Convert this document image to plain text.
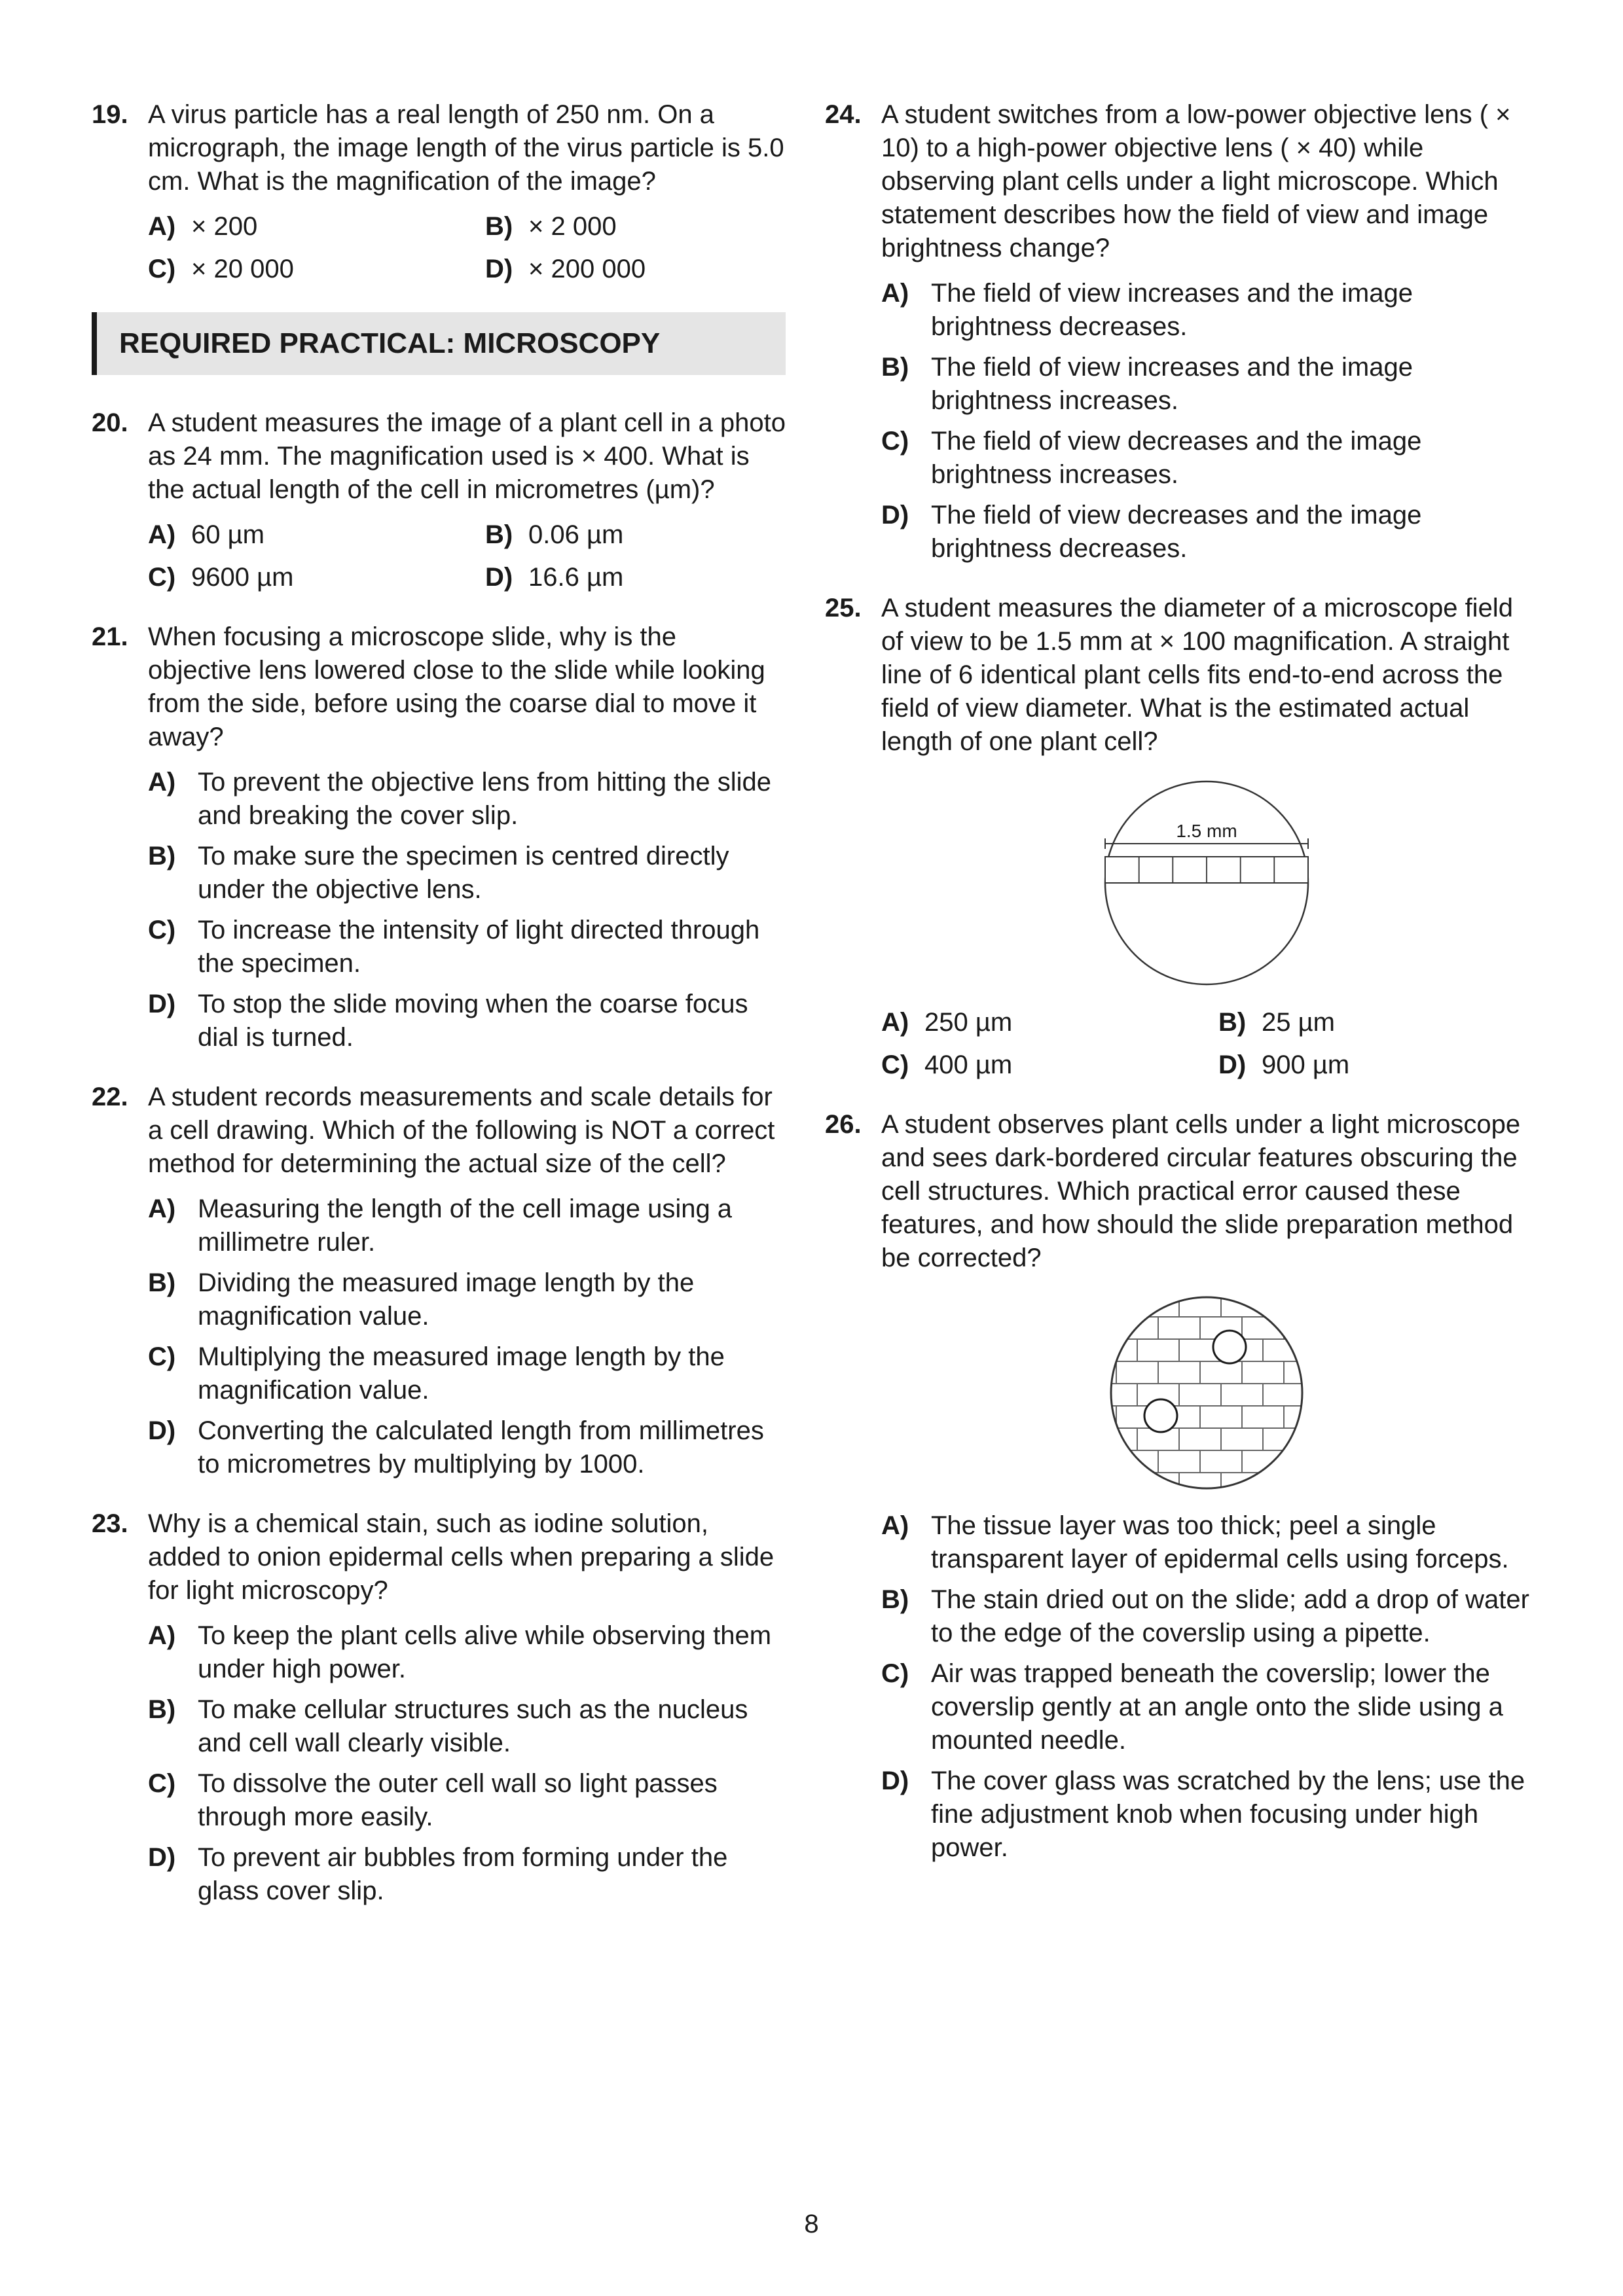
19. A virus particle has a real length of 250 nm. On a micrograph, the image length of the virus particle is 5.0 cm. What is the magnification of the image?

A) × 200	B) × 2 000
C) × 20 000	D) × 200 000
REQUIRED PRACTICAL: MICROSCOPY
20. A student measures the image of a plant cell in a photo as 24 mm. The magnification used is × 400. What is the actual length of the cell in micrometres (µm)?

A) 60 µm	B) 0.06 µm
C) 9600 µm	D) 16.6 µm
21. When focusing a microscope slide, why is the objective lens lowered close to the slide while looking from the side, before using the coarse dial to move it away?

A) To prevent the objective lens from hitting the slide and breaking the cover slip.
B) To make sure the specimen is centred directly under the objective lens.
C) To increase the intensity of light directed through the specimen.
D) To stop the slide moving when the coarse focus dial is turned.
22. A student records measurements and scale details for a cell drawing. Which of the following is NOT a correct method for determining the actual size of the cell?

A) Measuring the length of the cell image using a millimetre ruler.
B) Dividing the measured image length by the magnification value.
C) Multiplying the measured image length by the magnification value.
D) Converting the calculated length from millimetres to micrometres by multiplying by 1000.
23. Why is a chemical stain, such as iodine solution, added to onion epidermal cells when preparing a slide for light microscopy?

A) To keep the plant cells alive while observing them under high power.
B) To make cellular structures such as the nucleus and cell wall clearly visible.
C) To dissolve the outer cell wall so light passes through more easily.
D) To prevent air bubbles from forming under the glass cover slip.
24. A student switches from a low-power objective lens ( × 10) to a high-power objective lens ( × 40) while observing plant cells under a light microscope. Which statement describes how the field of view and image brightness change?

A) The field of view increases and the image brightness decreases.
B) The field of view increases and the image brightness increases.
C) The field of view decreases and the image brightness increases.
D) The field of view decreases and the image brightness decreases.
25. A student measures the diameter of a microscope field of view to be 1.5 mm at × 100 magnification. A straight line of 6 identical plant cells fits end-to-end across the field of view diameter. What is the estimated actual length of one plant cell?

1.5 mm
A) 250 µm	B) 25 µm
C) 400 µm	D) 900 µm
26. A student observes plant cells under a light microscope and sees dark-bordered circular features obscuring the cell structures. Which practical error caused these features, and how should the slide preparation method be corrected?

A) The tissue layer was too thick; peel a single transparent layer of epidermal cells using forceps.
B) The stain dried out on the slide; add a drop of water to the edge of the coverslip using a pipette.
C) Air was trapped beneath the coverslip; lower the coverslip gently at an angle onto the slide using a mounted needle.
D) The cover glass was scratched by the lens; use the fine adjustment knob when focusing under high power.
8
